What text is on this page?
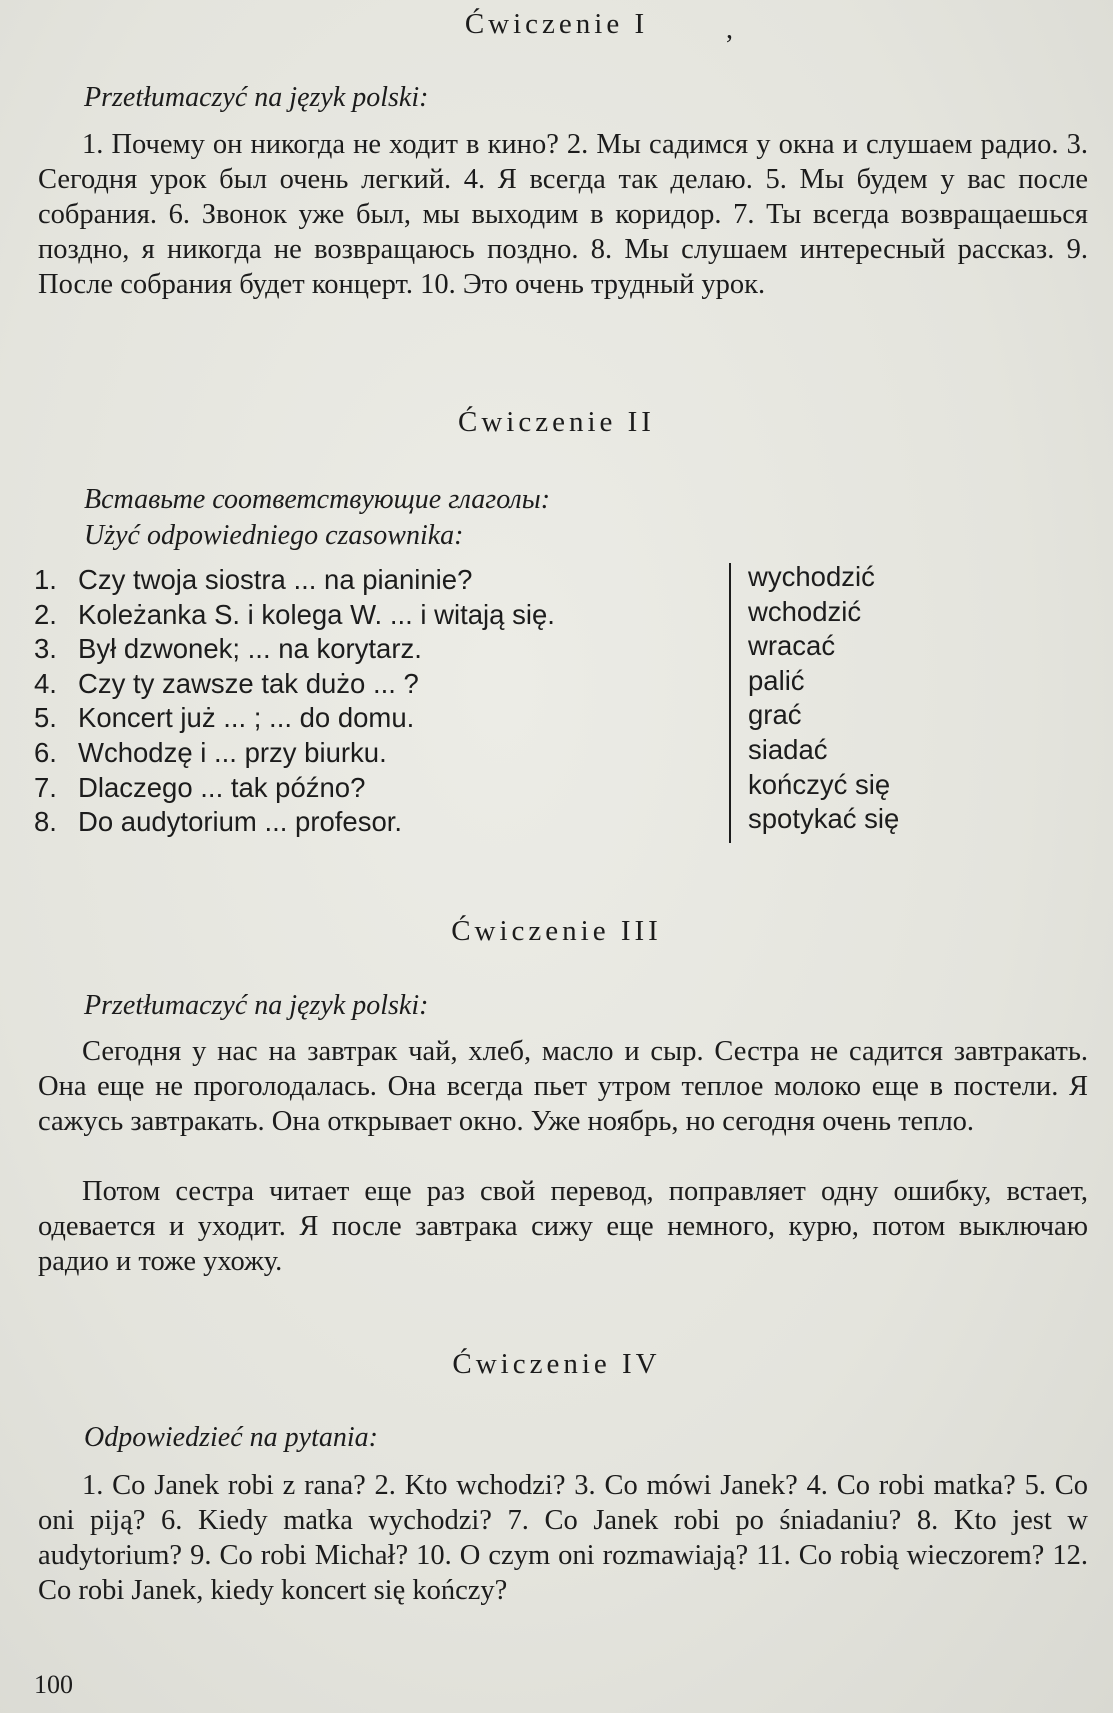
,
Ćwiczenie I

Przetłumaczyć na język polski:

1. Почему он никогда не ходит в кино? 2. Мы садимся у окна и слушаем радио. 3. Сегодня урок был очень легкий. 4. Я всегда так делаю. 5. Мы будем у вас после собрания. 6. Звонок уже был, мы выходим в коридор. 7. Ты всегда возвращаешься поздно, я никогда не возвращаюсь поздно. 8. Мы слушаем интересный рассказ. 9. После собрания будет концерт. 10. Это очень трудный урок.

Ćwiczenie II

Вставьте соответствующие глаголы:

Użyć odpowiedniego czasownika:

1. Czy twoja siostra ... na pianinie?
2. Koleżanka S. i kolega W. ... i witają się.
3. Był dzwonek; ... na korytarz.
4. Czy ty zawsze tak dużo ... ?
5. Koncert już ... ; ... do domu.
6. Wchodzę i ... przy biurku.
7. Dlaczego ... tak późno?
8. Do audytorium ... profesor.
wychodzić
wchodzić
wracać
palić
grać
siadać
kończyć się
spotykać się
Ćwiczenie III

Przetłumaczyć na język polski:

Сегодня у нас на завтрак чай, хлеб, масло и сыр. Сестра не садится завтракать. Она еще не проголодалась. Она всегда пьет утром теплое молоко еще в постели. Я сажусь завтракать. Она открывает окно. Уже ноябрь, но сегодня очень тепло.

Потом сестра читает еще раз свой перевод, поправляет одну ошибку, встает, одевается и уходит. Я после завтрака сижу еще немного, курю, потом выключаю радио и тоже ухожу.

Ćwiczenie IV

Odpowiedzieć na pytania:

1. Co Janek robi z rana? 2. Kto wchodzi? 3. Co mówi Janek? 4. Co robi matka? 5. Co oni piją? 6. Kiedy matka wychodzi? 7. Co Janek robi po śniadaniu? 8. Kto jest w audytorium? 9. Co robi Michał? 10. O czym oni rozmawiają? 11. Co robią wieczorem? 12. Co robi Janek, kiedy koncert się kończy?

100
